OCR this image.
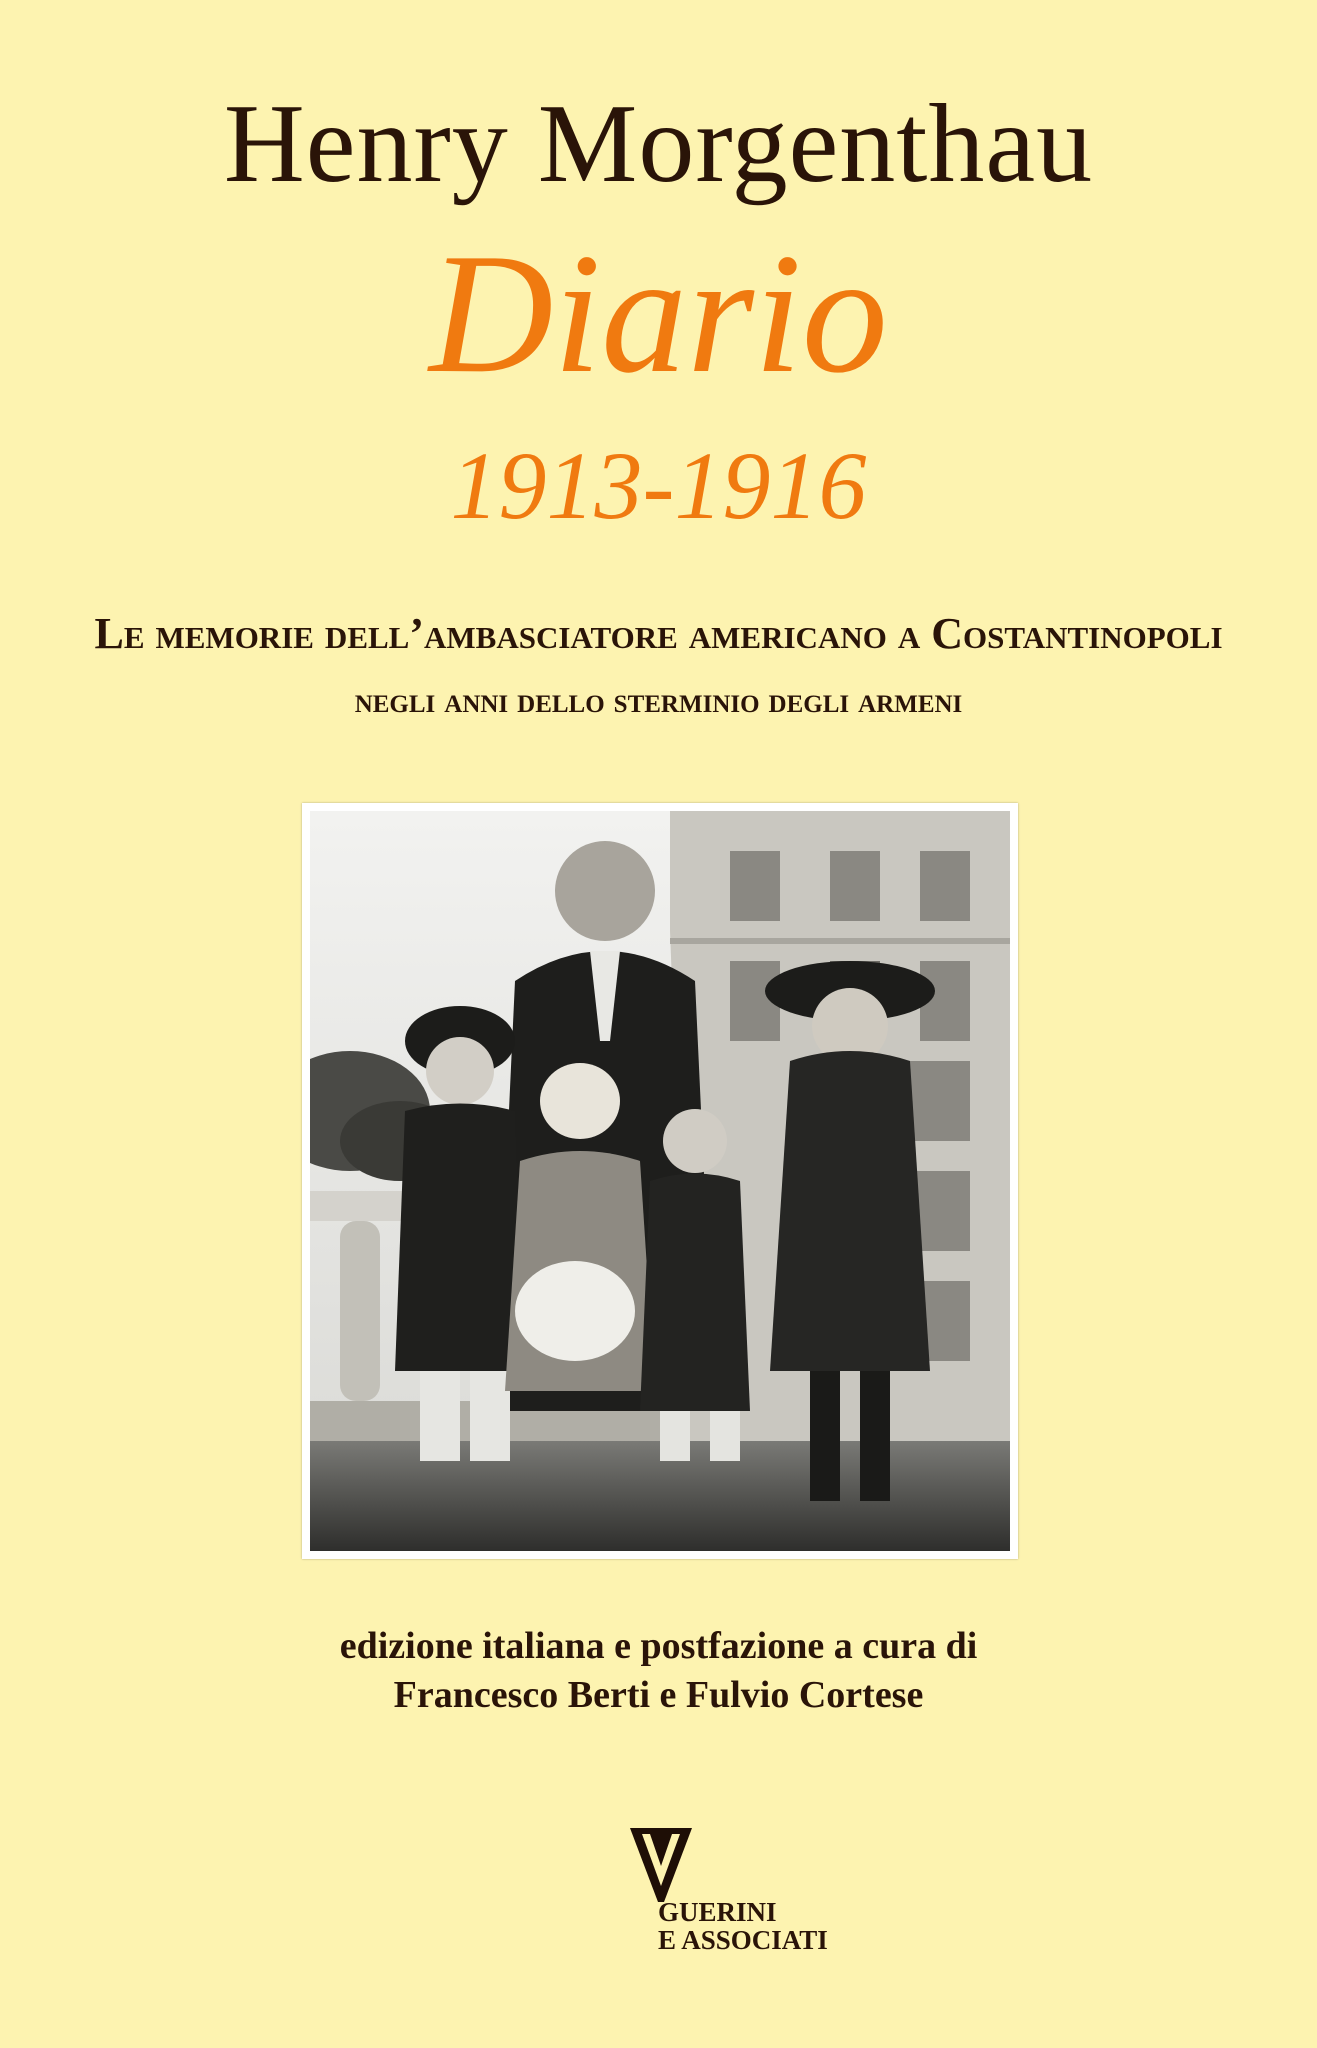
Henry Morgenthau
Diario
1913-1916
Le memorie dell’ambasciatore americano a Costantinopoli
negli anni dello sterminio degli armeni
edizione italiana e postfazione a cura di
Francesco Berti e Fulvio Cortese
GUERINI
E ASSOCIATI
